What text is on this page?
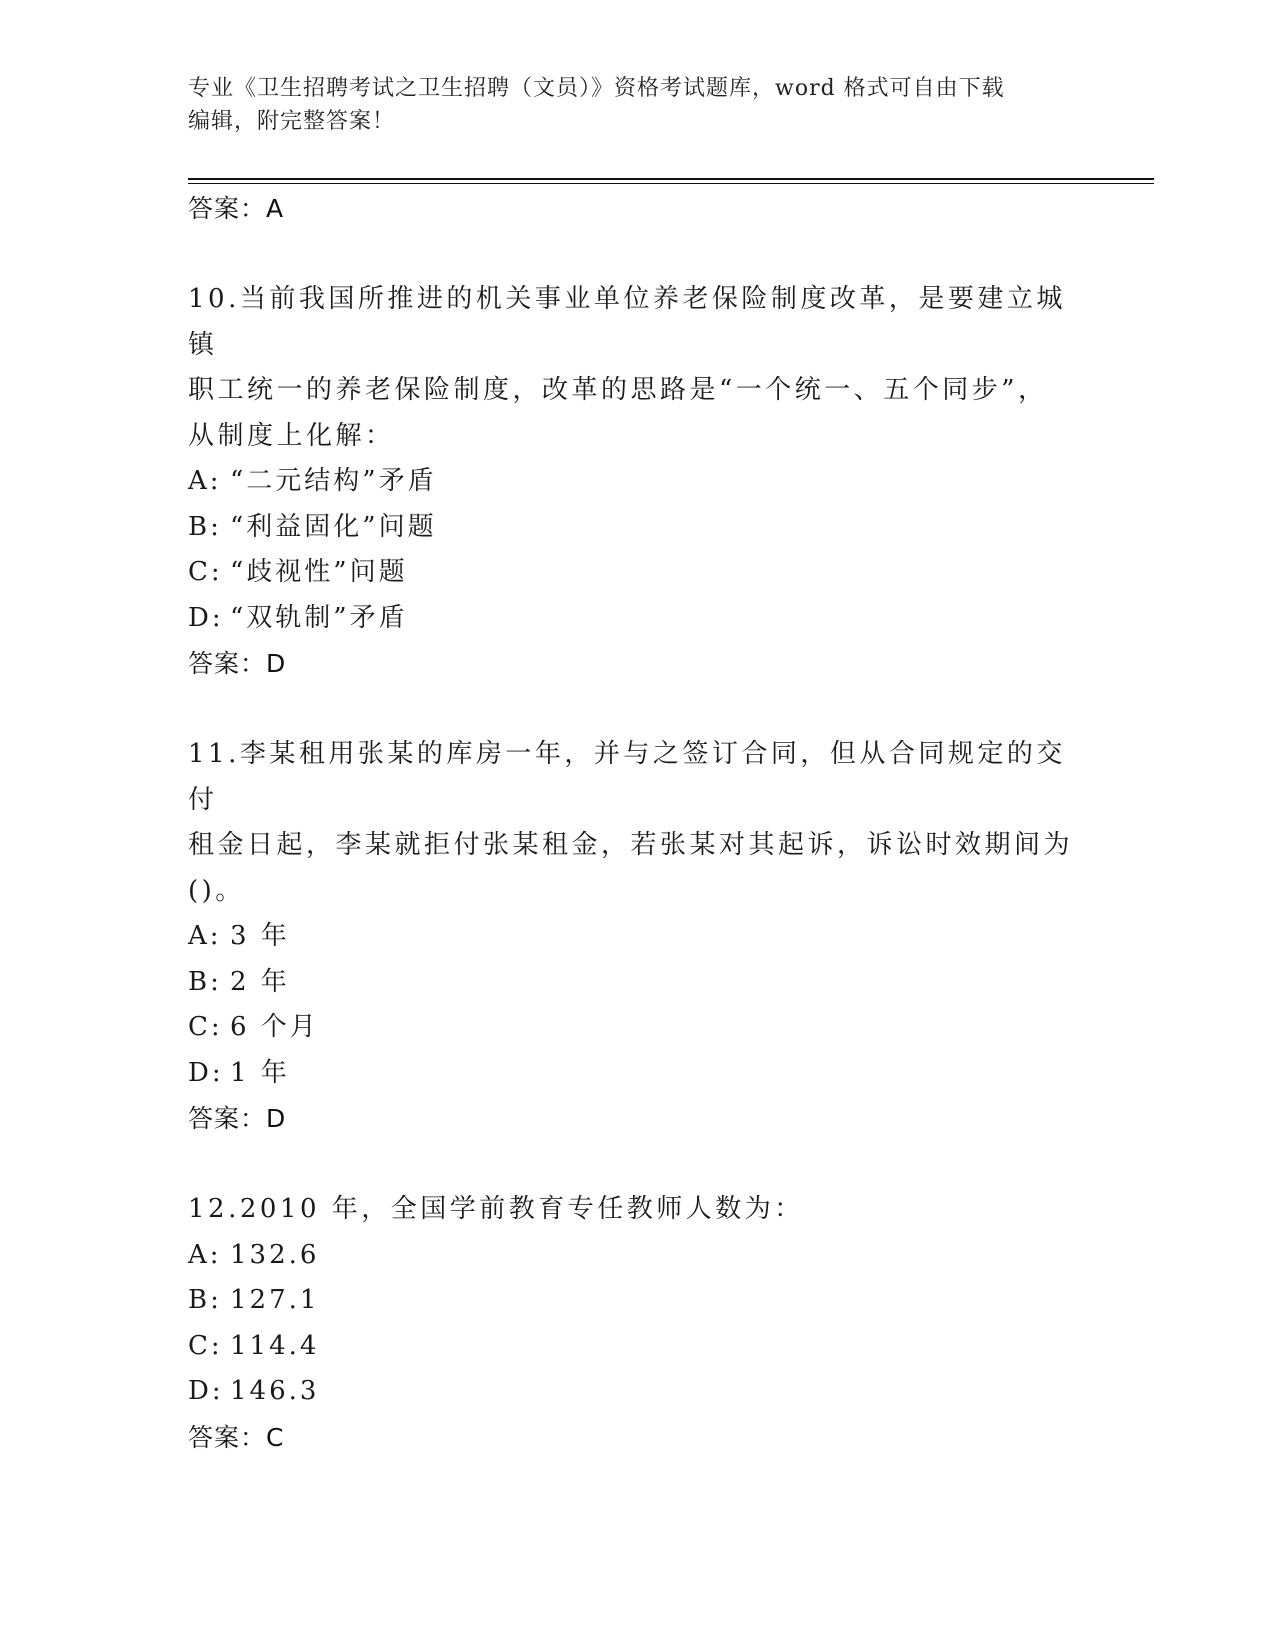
专业《卫生招聘考试之卫生招聘（文员）》资格考试题库，word 格式可自由下载
编辑，附完整答案！
答案：A
10.当前我国所推进的机关事业单位养老保险制度改革，是要建立城镇
职工统一的养老保险制度，改革的思路是“一个统一、五个同步”，
从制度上化解：
A: “二元结构”矛盾
B: “利益固化”问题
C: “歧视性”问题
D: “双轨制”矛盾
答案：D
11.李某租用张某的库房一年，并与之签订合同，但从合同规定的交付
租金日起，李某就拒付张某租金，若张某对其起诉，诉讼时效期间为
()。
A: 3 年
B: 2 年
C: 6 个月
D: 1 年
答案：D
12.2010 年，全国学前教育专任教师人数为：
A: 132.6
B: 127.1
C: 114.4
D: 146.3
答案：C
